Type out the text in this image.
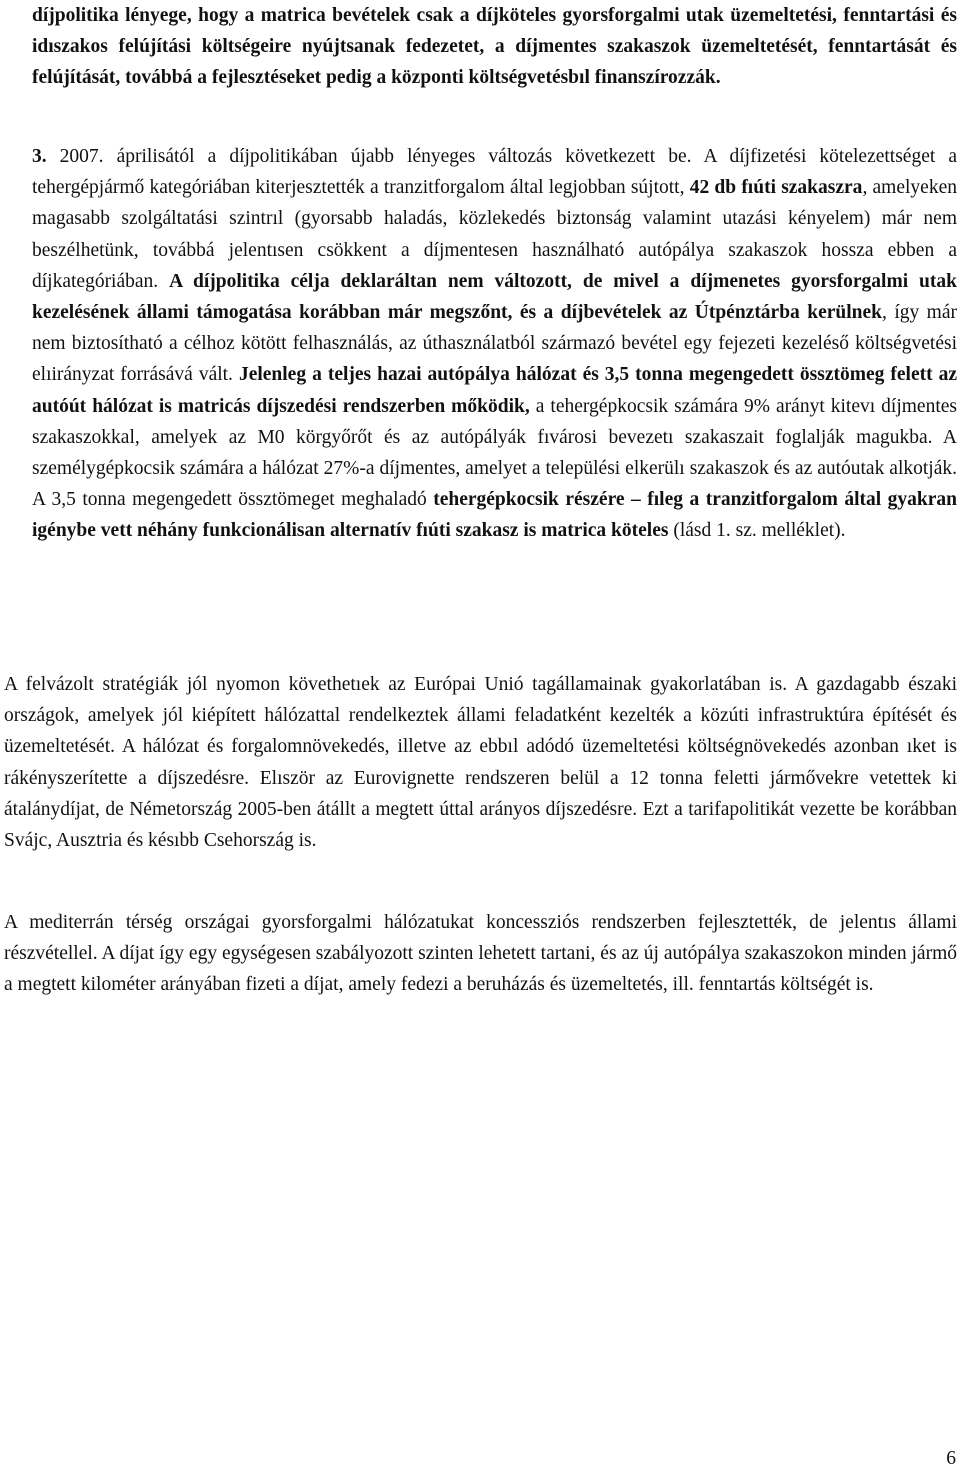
díjpolitika lényege, hogy a matrica bevételek csak a díjköteles gyorsforgalmi utak üzemeltetési, fenntartási és idıszakos felújítási költségeire nyújtsanak fedezetet, a díjmentes szakaszok üzemeltetését, fenntartását és felújítását, továbbá a fejlesztéseket pedig a központi költségvetésbıl finanszírozzák.

3. 2007. áprilisától a díjpolitikában újabb lényeges változás következett be. A díjfizetési kötelezettséget a tehergépjármő kategóriában kiterjesztették a tranzitforgalom által legjobban sújtott, 42 db fıúti szakaszra, amelyeken magasabb szolgáltatási szintrıl (gyorsabb haladás, közlekedés biztonság valamint utazási kényelem) már nem beszélhetünk, továbbá jelentısen csökkent a díjmentesen használható autópálya szakaszok hossza ebben a díjkategóriában. A díjpolitika célja deklaráltan nem változott, de mivel a díjmenetes gyorsforgalmi utak kezelésének állami támogatása korábban már megszőnt, és a díjbevételek az Útpénztárba kerülnek, így már nem biztosítható a célhoz kötött felhasználás, az úthasználatból származó bevétel egy fejezeti kezeléső költségvetési elıirányzat forrásává vált. Jelenleg a teljes hazai autópálya hálózat és 3,5 tonna megengedett össztömeg felett az autóút hálózat is matricás díjszedési rendszerben mőködik, a tehergépkocsik számára 9% arányt kitevı díjmentes szakaszokkal, amelyek az M0 körgyőrőt és az autópályák fıvárosi bevezetı szakaszait foglalják magukba. A személygépkocsik számára a hálózat 27%-a díjmentes, amelyet a települési elkerülı szakaszok és az autóutak alkotják. A 3,5 tonna megengedett össztömeget meghaladó tehergépkocsik részére – fıleg a tranzitforgalom által gyakran igénybe vett néhány funkcionálisan alternatív fıúti szakasz is matrica köteles (lásd 1. sz. melléklet).

A felvázolt stratégiák jól nyomon követhetıek az Európai Unió tagállamainak gyakorlatában is. A gazdagabb északi országok, amelyek jól kiépített hálózattal rendelkeztek állami feladatként kezelték a közúti infrastruktúra építését és üzemeltetését. A hálózat és forgalomnövekedés, illetve az ebbıl adódó üzemeltetési költségnövekedés azonban ıket is rákényszerítette a díjszedésre. Elıször az Eurovignette rendszeren belül a 12 tonna feletti jármővekre vetettek ki átalánydíjat, de Németország 2005-ben átállt a megtett úttal arányos díjszedésre. Ezt a tarifapolitikát vezette be korábban Svájc, Ausztria és késıbb Csehország is.

A mediterrán térség országai gyorsforgalmi hálózatukat koncessziós rendszerben fejlesztették, de jelentıs állami részvétellel. A díjat így egy egységesen szabályozott szinten lehetett tartani, és az új autópálya szakaszokon minden jármő a megtett kilométer arányában fizeti a díjat, amely fedezi a beruházás és üzemeltetés, ill. fenntartás költségét is.

6
